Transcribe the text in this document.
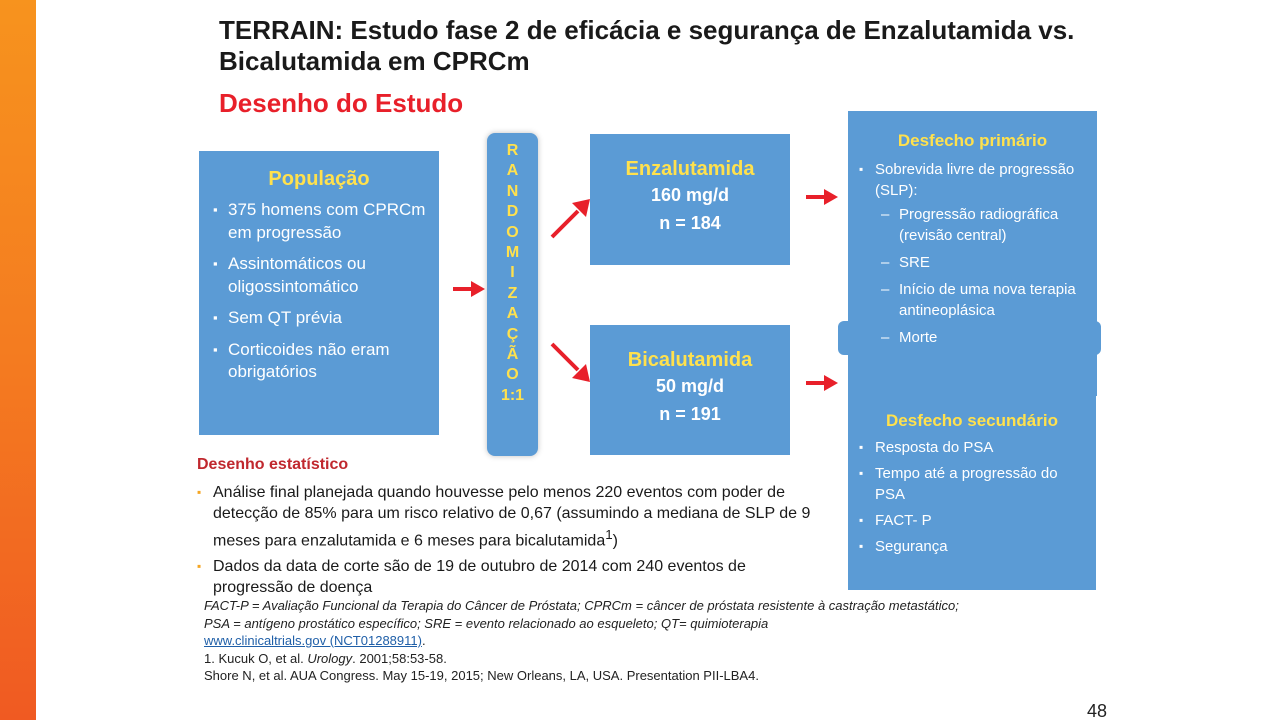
TERRAIN: Estudo fase 2 de eficácia e segurança de Enzalutamida vs. Bicalutamida em CPRCm
Desenho do Estudo
População
▪ 375 homens com CPRCm em progressão
▪ Assintomáticos ou oligossintomático
▪ Sem QT prévia
▪ Corticoides não eram obrigatórios
R
A
N
D
O
M
I
Z
A
Ç
Ã
O
1:1
Enzalutamida
160 mg/d
n = 184
Bicalutamida
50 mg/d
n = 191
Desfecho primário
▪ Sobrevida livre de progressão (SLP):
– Progressão radiográfica (revisão central)
– SRE
– Início de uma nova terapia antineoplásica
– Morte
Desfecho secundário
▪ Resposta do PSA
▪ Tempo até a progressão do PSA
▪ FACT- P
▪ Segurança
Desenho estatístico
▪ Análise final planejada quando houvesse pelo menos 220 eventos com poder de detecção de 85% para um risco relativo de 0,67 (assumindo a mediana de SLP de 9 meses para enzalutamida e 6 meses para bicalutamida$^1$)
▪ Dados da data de corte são de 19 de outubro de 2014 com 240 eventos de progressão de doença
FACT-P = Avaliação Funcional da Terapia do Câncer de Próstata; CPRCm = câncer de próstata resistente à castração metastático;
PSA = antígeno prostático específico; SRE = evento relacionado ao esqueleto; QT= quimioterapia
www.clinicaltrials.gov (NCT01288911).
1. Kucuk O, et al. Urology. 2001;58:53-58.
Shore N, et al. AUA Congress. May 15-19, 2015; New Orleans, LA, USA. Presentation PII-LBA4.
48
